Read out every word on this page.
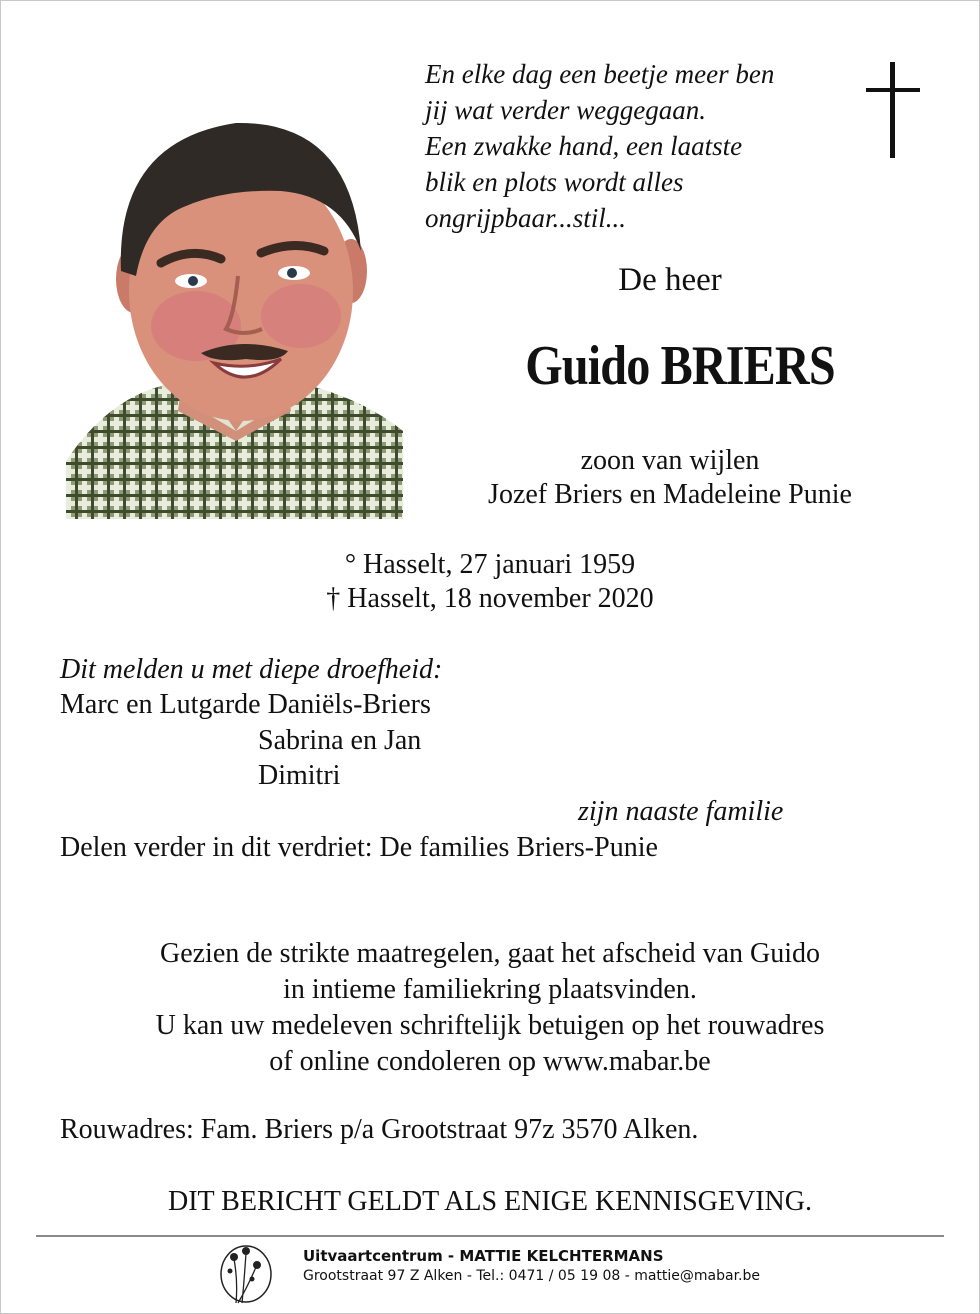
En elke dag een beetje meer ben
jij wat verder weggegaan.
Een zwakke hand, een laatste
blik en plots wordt alles
ongrijpbaar...stil...
De heer
Guido BRIERS
zoon van wijlen
Jozef Briers en Madeleine Punie
° Hasselt, 27 januari 1959
† Hasselt, 18 november 2020
Dit melden u met diepe droefheid:
Marc en Lutgarde Daniëls-Briers
Sabrina en Jan
Dimitri
zijn naaste familie
Delen verder in dit verdriet: De families Briers-Punie
Gezien de strikte maatregelen, gaat het afscheid van Guido
in intieme familiekring plaatsvinden.
U kan uw medeleven schriftelijk betuigen op het rouwadres
of online condoleren op www.mabar.be
Rouwadres: Fam. Briers p/a Grootstraat 97z 3570 Alken.
DIT BERICHT GELDT ALS ENIGE KENNISGEVING.
Uitvaartcentrum - MATTIE KELCHTERMANS
Grootstraat 97 Z Alken - Tel.: 0471 / 05 19 08 - mattie@mabar.be
